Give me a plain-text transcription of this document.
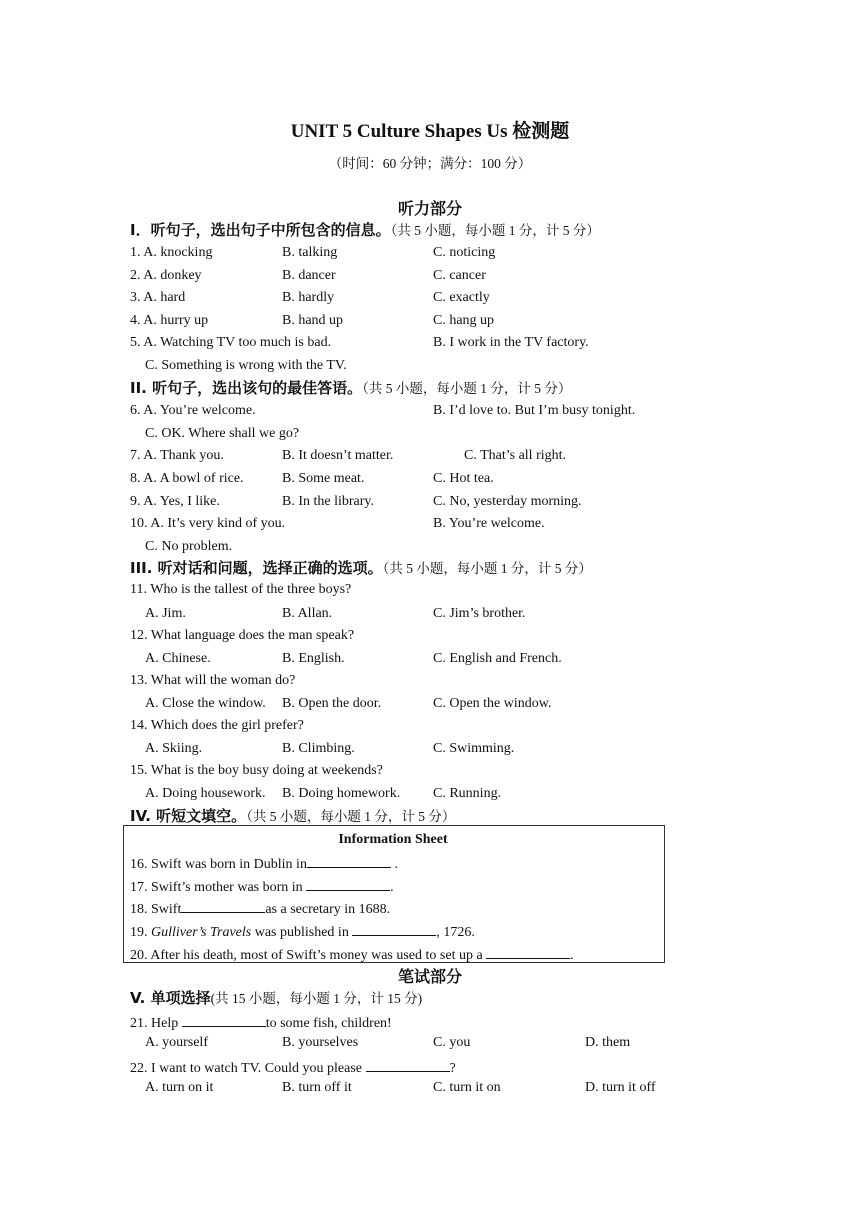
UNIT 5 Culture Shapes Us 检测题
（时间：60 分钟；满分：100 分）
听力部分
I．听句子，选出句子中所包含的信息。（共 5 小题，每小题 1 分，计 5 分）
1. A. knocking	B. talking	C. noticing
2. A. donkey	B. dancer	C. cancer
3. A. hard	B. hardly	C. exactly
4. A. hurry up	B. hand up	C. hang up
5. A. Watching TV too much is bad.	B. I work in the TV factory.
C. Something is wrong with the TV.
II. 听句子，选出该句的最佳答语。（共 5 小题，每小题 1 分，计 5 分）
6. A. You’re welcome.	B. I’d love to. But I’m busy tonight.
C. OK. Where shall we go?
7. A. Thank you.	B. It doesn’t matter.	C. That’s all right.
8. A. A bowl of rice.	B. Some meat.	C. Hot tea.
9. A. Yes, I like.	B. In the library.	C. No, yesterday morning.
10. A. It’s very kind of you.	B. You’re welcome.
C. No problem.
III. 听对话和问题，选择正确的选项。（共 5 小题，每小题 1 分，计 5 分）
11. Who is the tallest of the three boys?
A. Jim.	B. Allan.	C. Jim’s brother.
12. What language does the man speak?
A. Chinese.	B. English.	C. English and French.
13. What will the woman do?
A. Close the window. B. Open the door.	C. Open the window.
14. Which does the girl prefer?
A. Skiing.	B. Climbing.	C. Swimming.
15. What is the boy busy doing at weekends?
A. Doing housework. B. Doing homework. C. Running.
IV. 听短文填空。（共 5 小题，每小题 1 分，计 5 分）
Information Sheet
16. Swift was born in Dublin in	.
17. Swift’s mother was born in	.
18. Swift	as a secretary in 1688.
19. Gulliver’s Travels was published in	, 1726.
20. After his death, most of Swift’s money was used to set up a	.
笔试部分
V. 单项选择(共 15 小题，每小题 1 分，计 15 分)
21. Help	to some fish, children!
A. yourself	B. yourselves	C. you	D. them
22. I want to watch TV. Could you please	?
A. turn on it	B. turn off it	C. turn it on	D. turn it off
